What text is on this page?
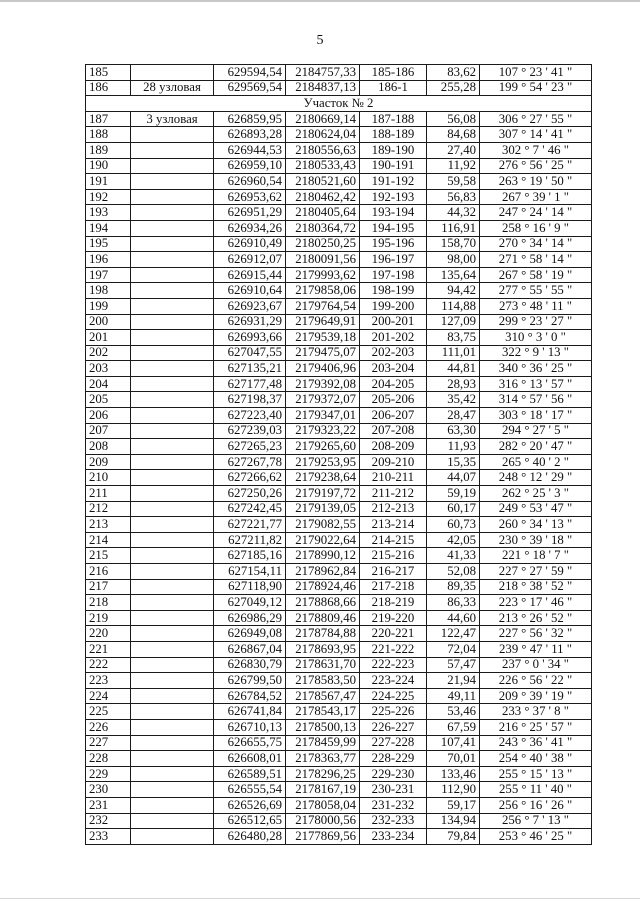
5
185		629594,54	2184757,33	185-186	83,62	107 ° 23 ' 41 "
186	28 узловая	629569,54	2184837,13	186-1	255,28	199 ° 54 ' 23 "
Участок № 2						
187	3 узловая	626859,95	2180669,14	187-188	56,08	306 ° 27 ' 55 "
188		626893,28	2180624,04	188-189	84,68	307 ° 14 ' 41 "
189		626944,53	2180556,63	189-190	27,40	302 ° 7 ' 46 "
190		626959,10	2180533,43	190-191	11,92	276 ° 56 ' 25 "
191		626960,54	2180521,60	191-192	59,58	263 ° 19 ' 50 "
192		626953,62	2180462,42	192-193	56,83	267 ° 39 ' 1 "
193		626951,29	2180405,64	193-194	44,32	247 ° 24 ' 14 "
194		626934,26	2180364,72	194-195	116,91	258 ° 16 ' 9 "
195		626910,49	2180250,25	195-196	158,70	270 ° 34 ' 14 "
196		626912,07	2180091,56	196-197	98,00	271 ° 58 ' 14 "
197		626915,44	2179993,62	197-198	135,64	267 ° 58 ' 19 "
198		626910,64	2179858,06	198-199	94,42	277 ° 55 ' 55 "
199		626923,67	2179764,54	199-200	114,88	273 ° 48 ' 11 "
200		626931,29	2179649,91	200-201	127,09	299 ° 23 ' 27 "
201		626993,66	2179539,18	201-202	83,75	310 ° 3 ' 0 "
202		627047,55	2179475,07	202-203	111,01	322 ° 9 ' 13 "
203		627135,21	2179406,96	203-204	44,81	340 ° 36 ' 25 "
204		627177,48	2179392,08	204-205	28,93	316 ° 13 ' 57 "
205		627198,37	2179372,07	205-206	35,42	314 ° 57 ' 56 "
206		627223,40	2179347,01	206-207	28,47	303 ° 18 ' 17 "
207		627239,03	2179323,22	207-208	63,30	294 ° 27 ' 5 "
208		627265,23	2179265,60	208-209	11,93	282 ° 20 ' 47 "
209		627267,78	2179253,95	209-210	15,35	265 ° 40 ' 2 "
210		627266,62	2179238,64	210-211	44,07	248 ° 12 ' 29 "
211		627250,26	2179197,72	211-212	59,19	262 ° 25 ' 3 "
212		627242,45	2179139,05	212-213	60,17	249 ° 53 ' 47 "
213		627221,77	2179082,55	213-214	60,73	260 ° 34 ' 13 "
214		627211,82	2179022,64	214-215	42,05	230 ° 39 ' 18 "
215		627185,16	2178990,12	215-216	41,33	221 ° 18 ' 7 "
216		627154,11	2178962,84	216-217	52,08	227 ° 27 ' 59 "
217		627118,90	2178924,46	217-218	89,35	218 ° 38 ' 52 "
218		627049,12	2178868,66	218-219	86,33	223 ° 17 ' 46 "
219		626986,29	2178809,46	219-220	44,60	213 ° 26 ' 52 "
220		626949,08	2178784,88	220-221	122,47	227 ° 56 ' 32 "
221		626867,04	2178693,95	221-222	72,04	239 ° 47 ' 11 "
222		626830,79	2178631,70	222-223	57,47	237 ° 0 ' 34 "
223		626799,50	2178583,50	223-224	21,94	226 ° 56 ' 22 "
224		626784,52	2178567,47	224-225	49,11	209 ° 39 ' 19 "
225		626741,84	2178543,17	225-226	53,46	233 ° 37 ' 8 "
226		626710,13	2178500,13	226-227	67,59	216 ° 25 ' 57 "
227		626655,75	2178459,99	227-228	107,41	243 ° 36 ' 41 "
228		626608,01	2178363,77	228-229	70,01	254 ° 40 ' 38 "
229		626589,51	2178296,25	229-230	133,46	255 ° 15 ' 13 "
230		626555,54	2178167,19	230-231	112,90	255 ° 11 ' 40 "
231		626526,69	2178058,04	231-232	59,17	256 ° 16 ' 26 "
232		626512,65	2178000,56	232-233	134,94	256 ° 7 ' 13 "
233		626480,28	2177869,56	233-234	79,84	253 ° 46 ' 25 "
